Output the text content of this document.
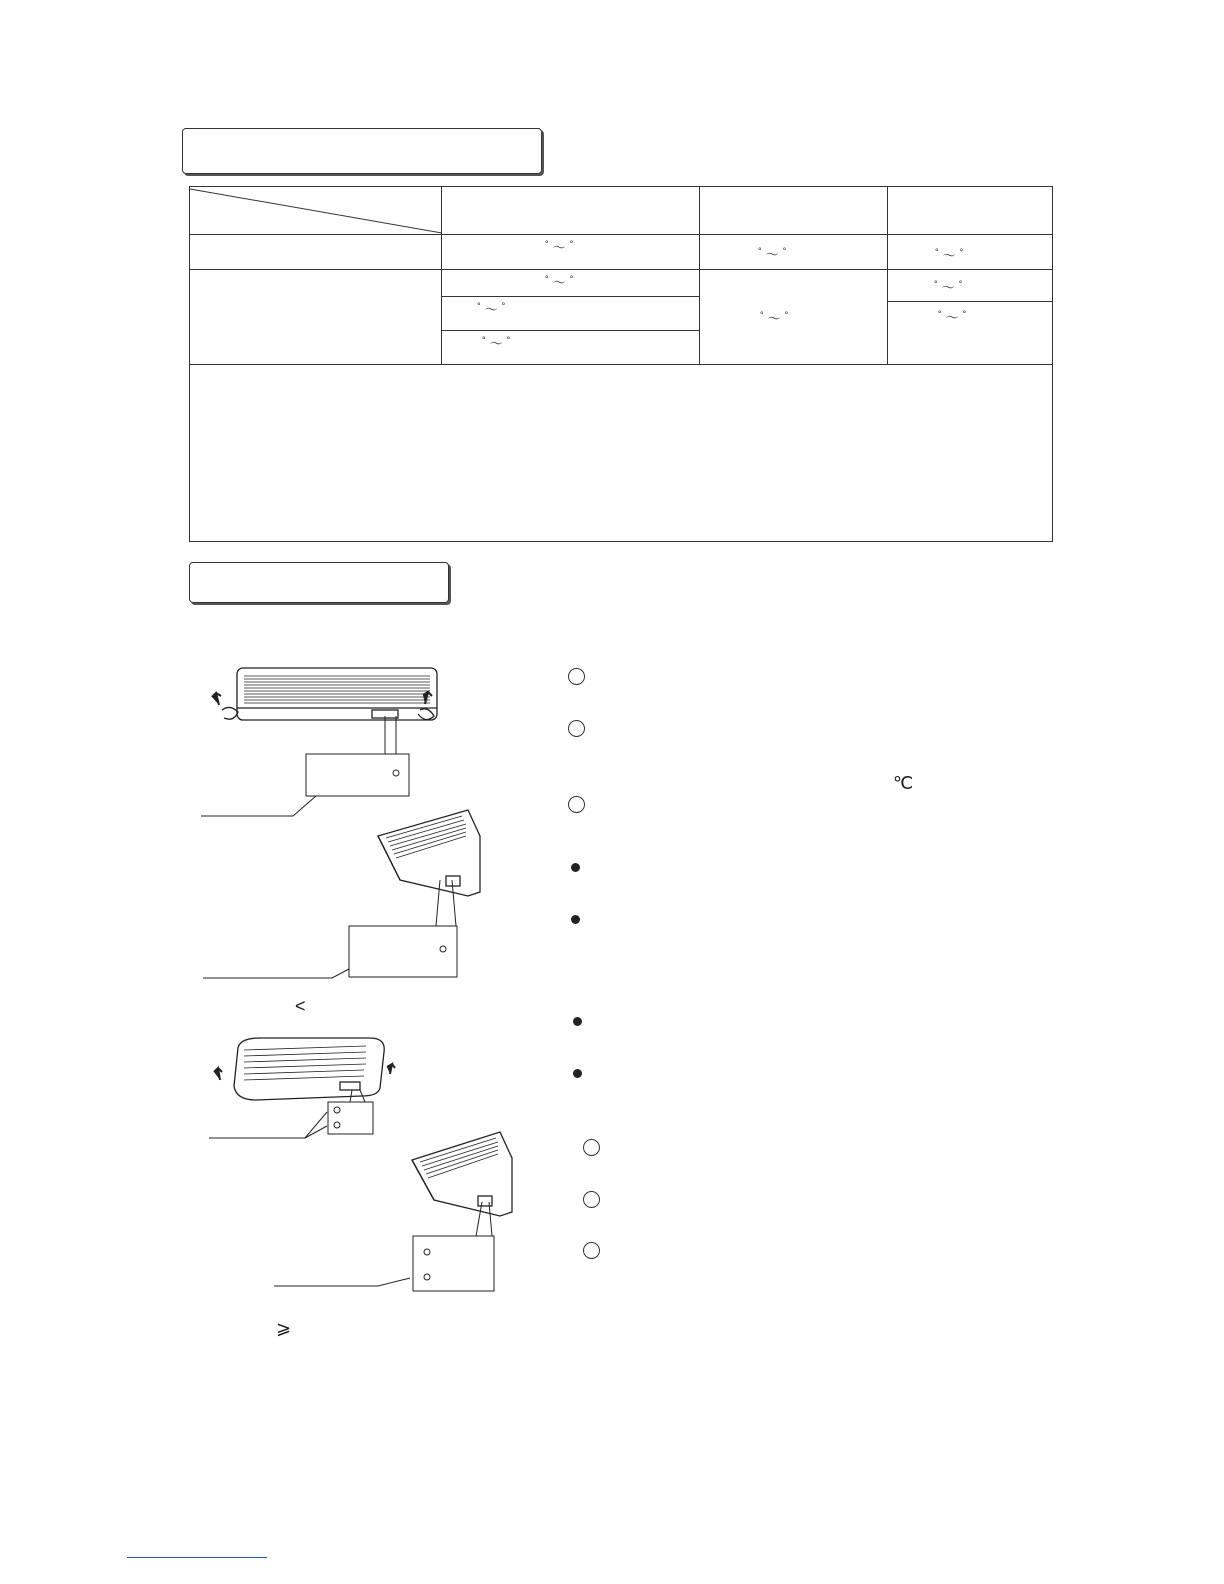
° ～ °
° ～ °	° ～ °
° ～ °
° ～ °
° ～ °
° ～ °
° ～ °
° ～ °
<
⩾
℃
